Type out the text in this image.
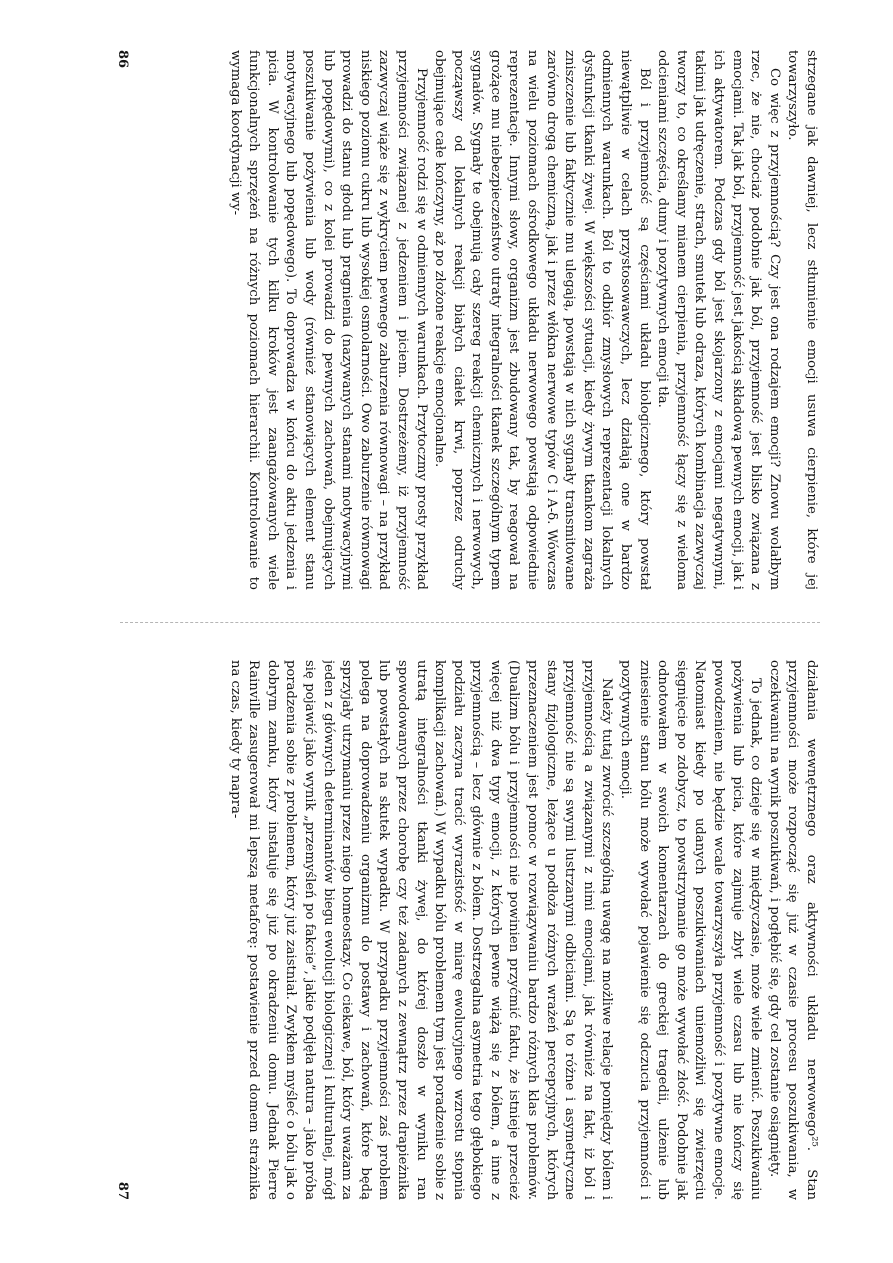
strzegane jak dawniej, lecz stłumienie emocji usuwa cierpienie, które jej towarzyszyło.

Co więc z przyjemnością? Czy jest ona rodzajem emocji? Znowu wolałbym rzec, że nie, chociaż podobnie jak ból, przyjemność jest blisko związana z emocjami. Tak jak ból, przyjemność jest jakością składową pewnych emocji, jak i ich aktywatorem. Podczas gdy ból jest skojarzony z emocjami negatywnymi, takimi jak udręczenie, strach, smutek lub odraza, których kombinacja zazwyczaj tworzy to, co określamy mianem cierpienia, przyjemność łączy się z wieloma odcieniami szczęścia, dumy i pozytywnych emocji tła.

Ból i przyjemność są częściami układu biologicznego, który powstał niewątpliwie w celach przystosowawczych, lecz działają one w bardzo odmiennych warunkach. Ból to odbiór zmysłowych reprezentacji lokalnych dysfunkcji tkanki żywej. W większości sytuacji, kiedy żywym tkankom zagraża zniszczenie lub faktycznie mu ulegają, powstają w nich sygnały transmitowane zarówno drogą chemiczną, jak i przez włókna nerwowe typów C i A-δ. Wówczas na wielu poziomach ośrodkowego układu nerwowego powstają odpowiednie reprezentacje. Innymi słowy, organizm jest zbudowany tak, by reagował na grożące mu niebezpieczeństwo utraty integralności tkanek szczególnym typem sygnałów. Sygnały te obejmują cały szereg reakcji chemicznych i nerwowych, począwszy od lokalnych reakcji białych ciałek krwi, poprzez odruchy obejmujące całe kończyny, aż po złożone reakcje emocjonalne.

Przyjemność rodzi się w odmiennych warunkach. Przytoczmy prosty przykład przyjemności związanej z jedzeniem i piciem. Dostrzeżemy, iż przyjemność zazwyczaj wiąże się z wykryciem pewnego zaburzenia równowagi – na przykład niskiego poziomu cukru lub wysokiej osmolarności. Owo zaburzenie równowagi prowadzi do stanu głodu lub pragnienia (nazywanych stanami motywacyjnymi lub popędowymi), co z kolei prowadzi do pewnych zachowań, obejmujących poszukiwanie pożywienia lub wody (również stanowiących element stanu motywacyjnego lub popędowego). To doprowadza w końcu do aktu jedzenia i picia. W kontrolowanie tych kilku kroków jest zaangażowanych wiele funkcjonalnych sprzężeń na różnych poziomach hierarchii. Kontrolowanie to wymaga koordynacji wy-

86

działania wewnętrznego oraz aktywności układu nerwowego²⁵. Stan przyjemności może rozpocząć się już w czasie procesu poszukiwania, w oczekiwaniu na wynik poszukiwań, i pogłębić się, gdy cel zostanie osiągnięty.

To jednak, co dzieje się w międzyczasie, może wiele zmienić. Poszukiwaniu pożywienia lub picia, które zajmuje zbyt wiele czasu lub nie kończy się powodzeniem, nie będzie wcale towarzyszyła przyjemność i pozytywne emocje. Natomiast kiedy po udanych poszukiwaniach uniemożliwi się zwierzęciu sięgnięcie po zdobycz, to powstrzymanie go może wywołać złość. Podobnie jak odnotowałem w swoich komentarzach do greckiej tragedii, ulżenie lub zniesienie stanu bólu może wywołać pojawienie się odczucia przyjemności i pozytywnych emocji.

Należy tutaj zwrócić szczególną uwagę na możliwe relacje pomiędzy bólem i przyjemnością a związanymi z nimi emocjami, jak również na fakt, iż ból i przyjemność nie są swymi lustrzanymi odbiciami. Są to różne i asymetryczne stany fizjologiczne, leżące u podłoża różnych wrażeń percepcyjnych, których przeznaczeniem jest pomoc w rozwiązywaniu bardzo różnych klas problemów. (Dualizm bólu i przyjemności nie powinien przyćmić faktu, że istnieje przecież więcej niż dwa typy emocji, z których pewne wiążą się z bólem, a inne z przyjemnością – lecz głównie z bólem. Dostrzegalna asymetria tego głębokiego podziału zaczyna tracić wyrazistość w miarę ewolucyjnego wzrostu stopnia komplikacji zachowań.) W wypadku bólu problemem tym jest poradzenie sobie z utratą integralności tkanki żywej, do której doszło w wyniku ran spowodowanych przez chorobę czy też zadanych z zewnątrz przez drapieżnika lub powstałych na skutek wypadku. W przypadku przyjemności zaś problem polega na doprowadzeniu organizmu do postawy i zachowań, które będą sprzyjały utrzymaniu przez niego homeostazy. Co ciekawe, ból, który uważam za jeden z głównych determinantów biegu ewolucji biologicznej i kulturalnej, mógł się pojawić jako wynik „przemyśleń po fakcie”, jakie podjęła natura – jako próba poradzenia sobie z problemem, który już zaistniał. Zwykłem myśleć o bólu jak o dobrym zamku, który instaluje się już po okradzeniu domu. Jednak Pierre Rainville zasugerował mi lepszą metaforę: postawienie przed domem strażnika na czas, kiedy ty napra-

87
